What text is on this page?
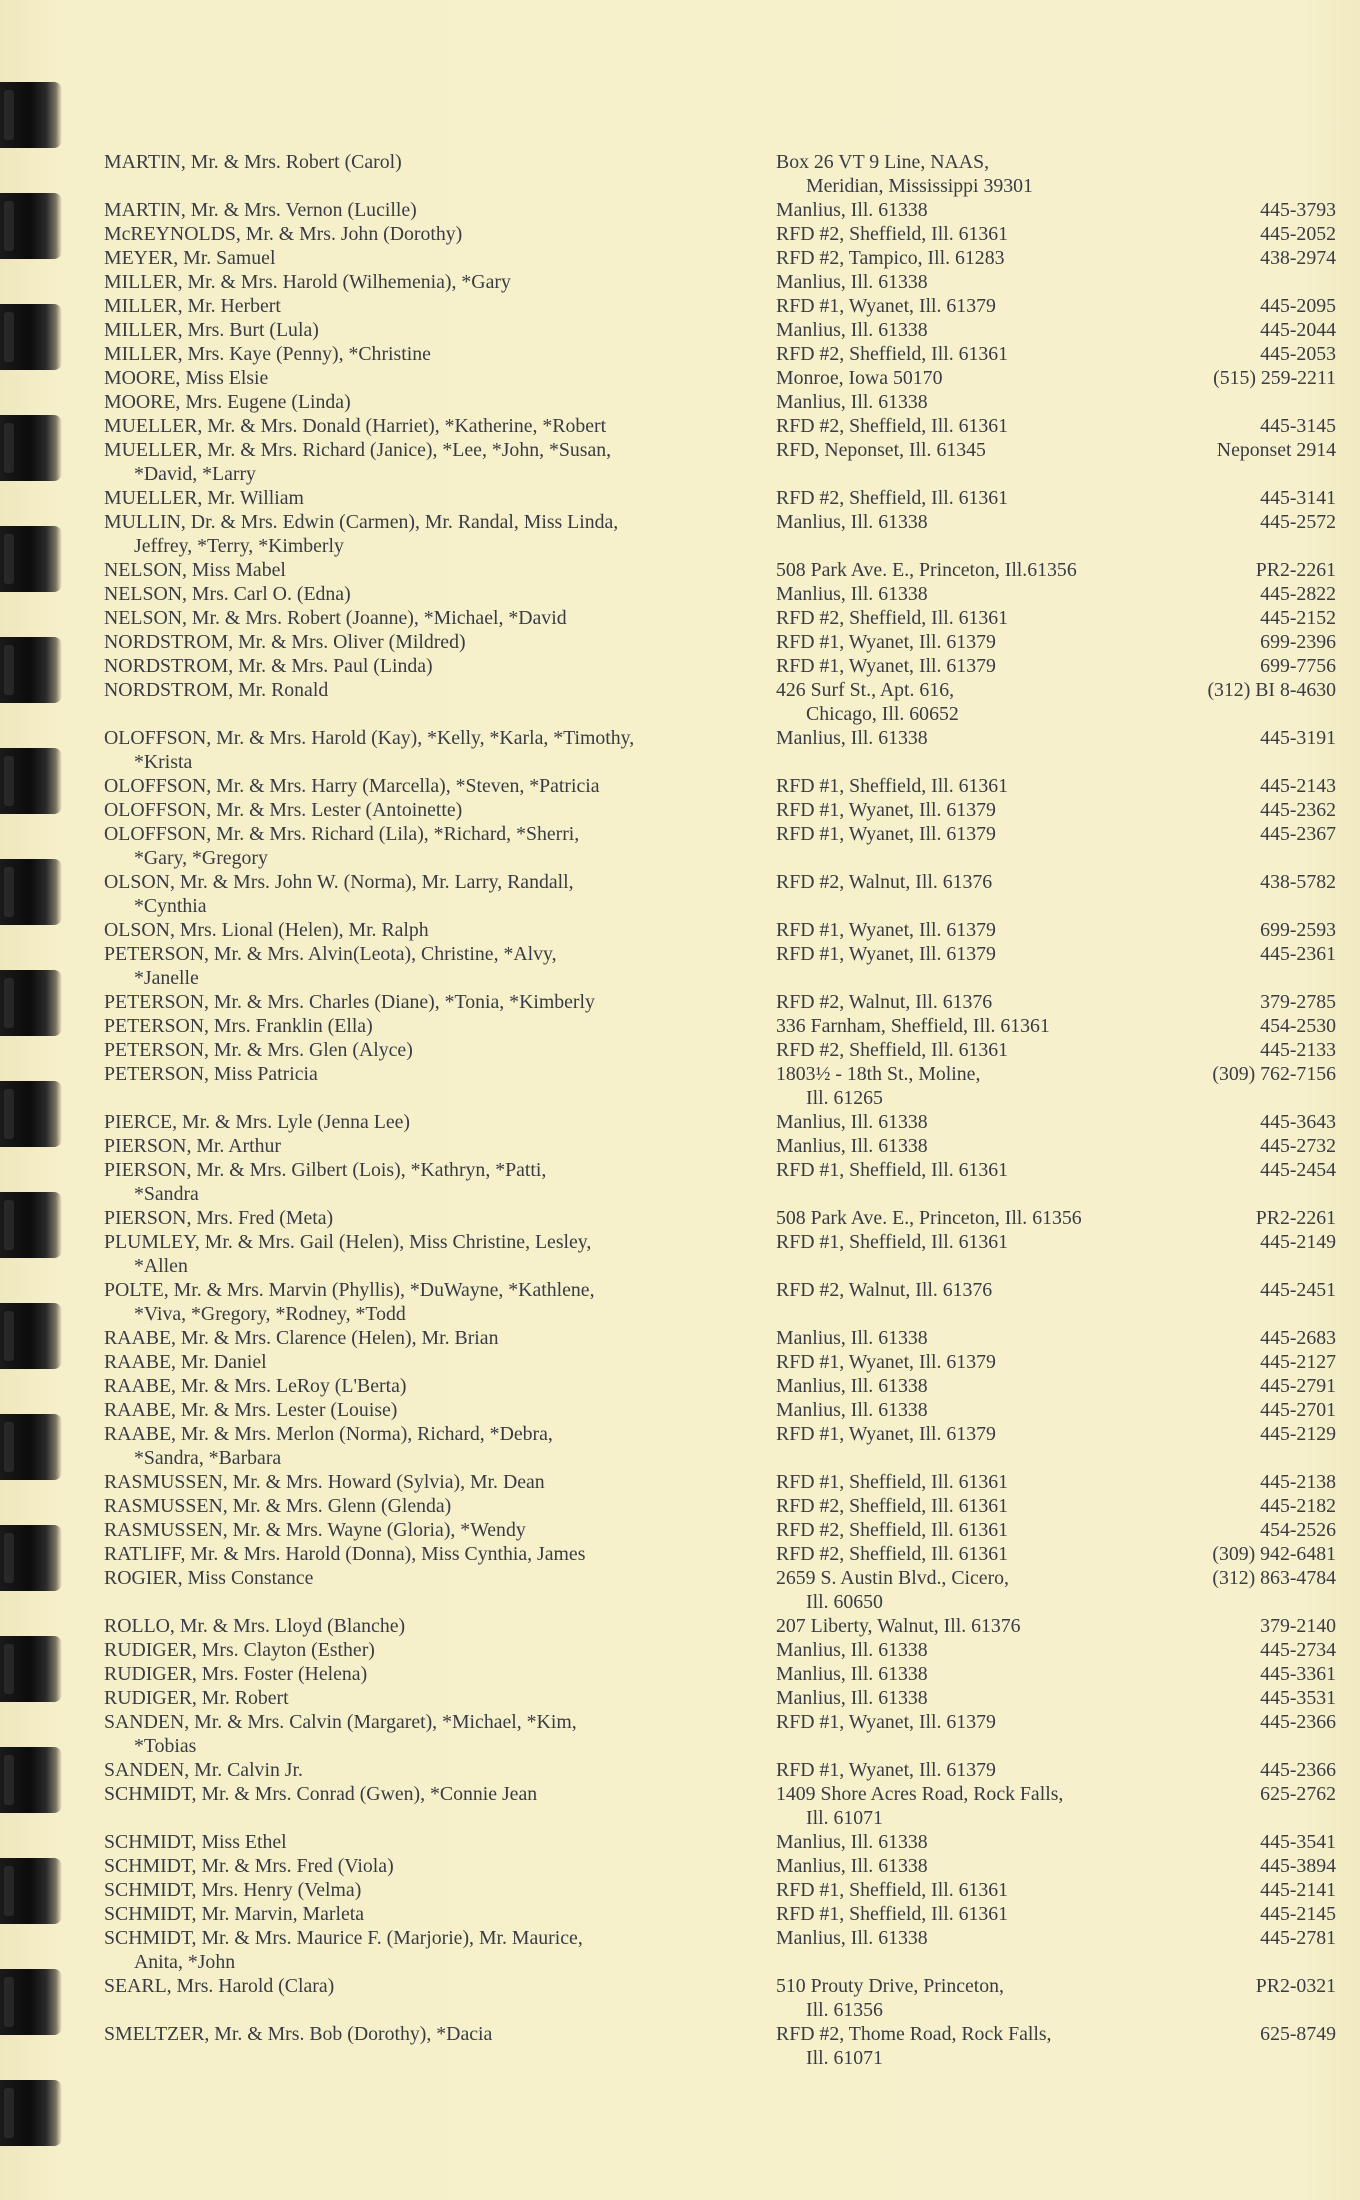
MARTIN, Mr. & Mrs. Robert (Carol)	Box 26 VT 9 Line, NAAS,
Meridian, Mississippi 39301
MARTIN, Mr. & Mrs. Vernon (Lucille)	Manlius, Ill. 61338	445-3793
McREYNOLDS, Mr. & Mrs. John (Dorothy)	RFD #2, Sheffield, Ill. 61361	445-2052
MEYER, Mr. Samuel	RFD #2, Tampico, Ill. 61283	438-2974
MILLER, Mr. & Mrs. Harold (Wilhemenia), *Gary	Manlius, Ill. 61338
MILLER, Mr. Herbert	RFD #1, Wyanet, Ill. 61379	445-2095
MILLER, Mrs. Burt (Lula)	Manlius, Ill. 61338	445-2044
MILLER, Mrs. Kaye (Penny), *Christine	RFD #2, Sheffield, Ill. 61361	445-2053
MOORE, Miss Elsie	Monroe, Iowa 50170	(515) 259-2211
MOORE, Mrs. Eugene (Linda)	Manlius, Ill. 61338
MUELLER, Mr. & Mrs. Donald (Harriet), *Katherine, *Robert	RFD #2, Sheffield, Ill. 61361	445-3145
MUELLER, Mr. & Mrs. Richard (Janice), *Lee, *John, *Susan,	RFD, Neponset, Ill. 61345	Neponset 2914
*David, *Larry
MUELLER, Mr. William	RFD #2, Sheffield, Ill. 61361	445-3141
MULLIN, Dr. & Mrs. Edwin (Carmen), Mr. Randal, Miss Linda,	Manlius, Ill. 61338	445-2572
Jeffrey, *Terry, *Kimberly
NELSON, Miss Mabel	508 Park Ave. E., Princeton, Ill.61356	PR2-2261
NELSON, Mrs. Carl O. (Edna)	Manlius, Ill. 61338	445-2822
NELSON, Mr. & Mrs. Robert (Joanne), *Michael, *David	RFD #2, Sheffield, Ill. 61361	445-2152
NORDSTROM, Mr. & Mrs. Oliver (Mildred)	RFD #1, Wyanet, Ill. 61379	699-2396
NORDSTROM, Mr. & Mrs. Paul (Linda)	RFD #1, Wyanet, Ill. 61379	699-7756
NORDSTROM, Mr. Ronald	426 Surf St., Apt. 616,	(312) BI 8-4630
Chicago, Ill. 60652
OLOFFSON, Mr. & Mrs. Harold (Kay), *Kelly, *Karla, *Timothy,	Manlius, Ill. 61338	445-3191
*Krista
OLOFFSON, Mr. & Mrs. Harry (Marcella), *Steven, *Patricia	RFD #1, Sheffield, Ill. 61361	445-2143
OLOFFSON, Mr. & Mrs. Lester (Antoinette)	RFD #1, Wyanet, Ill. 61379	445-2362
OLOFFSON, Mr. & Mrs. Richard (Lila), *Richard, *Sherri,	RFD #1, Wyanet, Ill. 61379	445-2367
*Gary, *Gregory
OLSON, Mr. & Mrs. John W. (Norma), Mr. Larry, Randall,	RFD #2, Walnut, Ill. 61376	438-5782
*Cynthia
OLSON, Mrs. Lional (Helen), Mr. Ralph	RFD #1, Wyanet, Ill. 61379	699-2593
PETERSON, Mr. & Mrs. Alvin(Leota), Christine, *Alvy,	RFD #1, Wyanet, Ill. 61379	445-2361
*Janelle
PETERSON, Mr. & Mrs. Charles (Diane), *Tonia, *Kimberly	RFD #2, Walnut, Ill. 61376	379-2785
PETERSON, Mrs. Franklin (Ella)	336 Farnham, Sheffield, Ill. 61361	454-2530
PETERSON, Mr. & Mrs. Glen (Alyce)	RFD #2, Sheffield, Ill. 61361	445-2133
PETERSON, Miss Patricia	1803½ - 18th St., Moline,	(309) 762-7156
Ill. 61265
PIERCE, Mr. & Mrs. Lyle (Jenna Lee)	Manlius, Ill. 61338	445-3643
PIERSON, Mr. Arthur	Manlius, Ill. 61338	445-2732
PIERSON, Mr. & Mrs. Gilbert (Lois), *Kathryn, *Patti,	RFD #1, Sheffield, Ill. 61361	445-2454
*Sandra
PIERSON, Mrs. Fred (Meta)	508 Park Ave. E., Princeton, Ill. 61356	PR2-2261
PLUMLEY, Mr. & Mrs. Gail (Helen), Miss Christine, Lesley,	RFD #1, Sheffield, Ill. 61361	445-2149
*Allen
POLTE, Mr. & Mrs. Marvin (Phyllis), *DuWayne, *Kathlene,	RFD #2, Walnut, Ill. 61376	445-2451
*Viva, *Gregory, *Rodney, *Todd
RAABE, Mr. & Mrs. Clarence (Helen), Mr. Brian	Manlius, Ill. 61338	445-2683
RAABE, Mr. Daniel	RFD #1, Wyanet, Ill. 61379	445-2127
RAABE, Mr. & Mrs. LeRoy (L'Berta)	Manlius, Ill. 61338	445-2791
RAABE, Mr. & Mrs. Lester (Louise)	Manlius, Ill. 61338	445-2701
RAABE, Mr. & Mrs. Merlon (Norma), Richard, *Debra,	RFD #1, Wyanet, Ill. 61379	445-2129
*Sandra, *Barbara
RASMUSSEN, Mr. & Mrs. Howard (Sylvia), Mr. Dean	RFD #1, Sheffield, Ill. 61361	445-2138
RASMUSSEN, Mr. & Mrs. Glenn (Glenda)	RFD #2, Sheffield, Ill. 61361	445-2182
RASMUSSEN, Mr. & Mrs. Wayne (Gloria), *Wendy	RFD #2, Sheffield, Ill. 61361	454-2526
RATLIFF, Mr. & Mrs. Harold (Donna), Miss Cynthia, James	RFD #2, Sheffield, Ill. 61361	(309) 942-6481
ROGIER, Miss Constance	2659 S. Austin Blvd., Cicero,	(312) 863-4784
Ill. 60650
ROLLO, Mr. & Mrs. Lloyd (Blanche)	207 Liberty, Walnut, Ill. 61376	379-2140
RUDIGER, Mrs. Clayton (Esther)	Manlius, Ill. 61338	445-2734
RUDIGER, Mrs. Foster (Helena)	Manlius, Ill. 61338	445-3361
RUDIGER, Mr. Robert	Manlius, Ill. 61338	445-3531
SANDEN, Mr. & Mrs. Calvin (Margaret), *Michael, *Kim,	RFD #1, Wyanet, Ill. 61379	445-2366
*Tobias
SANDEN, Mr. Calvin Jr.	RFD #1, Wyanet, Ill. 61379	445-2366
SCHMIDT, Mr. & Mrs. Conrad (Gwen), *Connie Jean	1409 Shore Acres Road, Rock Falls,	625-2762
Ill. 61071
SCHMIDT, Miss Ethel	Manlius, Ill. 61338	445-3541
SCHMIDT, Mr. & Mrs. Fred (Viola)	Manlius, Ill. 61338	445-3894
SCHMIDT, Mrs. Henry (Velma)	RFD #1, Sheffield, Ill. 61361	445-2141
SCHMIDT, Mr. Marvin, Marleta	RFD #1, Sheffield, Ill. 61361	445-2145
SCHMIDT, Mr. & Mrs. Maurice F. (Marjorie), Mr. Maurice,	Manlius, Ill. 61338	445-2781
Anita, *John
SEARL, Mrs. Harold (Clara)	510 Prouty Drive, Princeton,	PR2-0321
Ill. 61356
SMELTZER, Mr. & Mrs. Bob (Dorothy), *Dacia	RFD #2, Thome Road, Rock Falls,	625-8749
Ill. 61071
